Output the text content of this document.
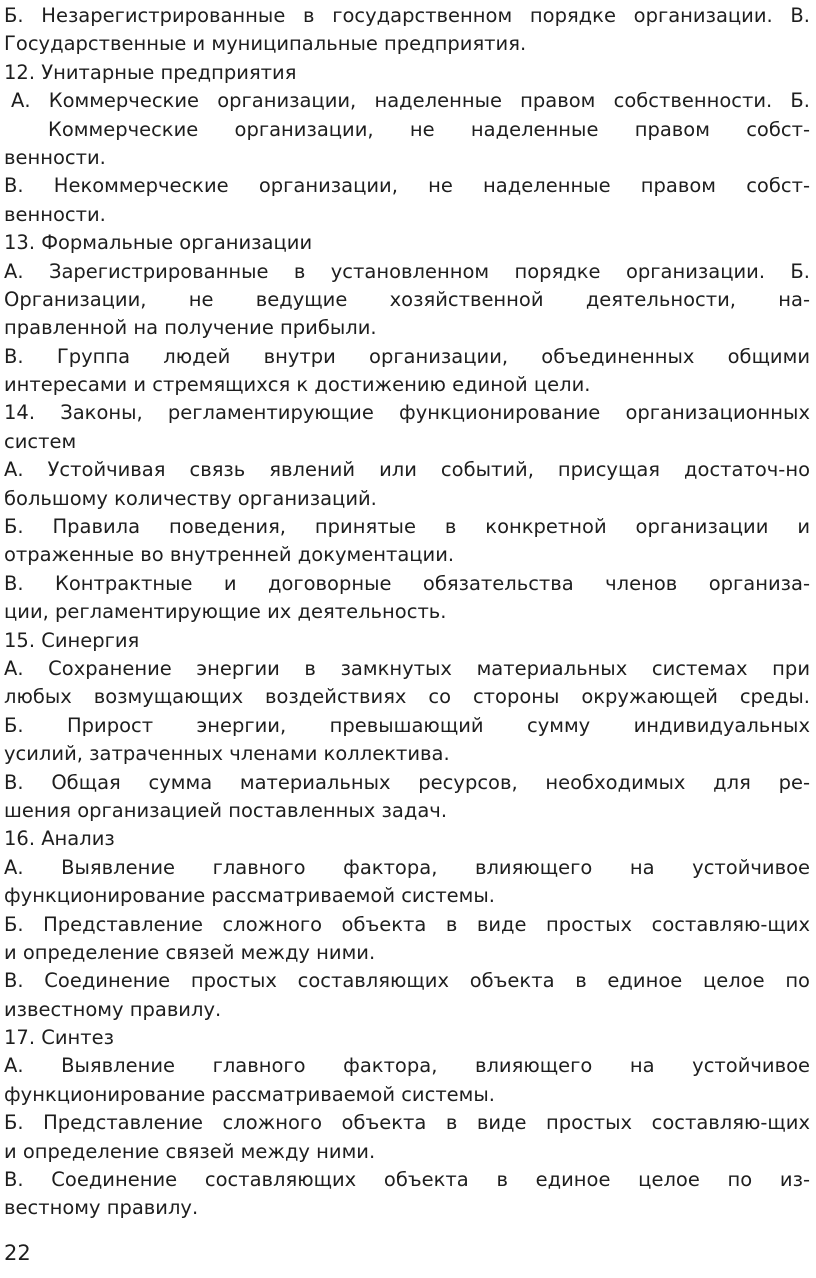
Б. Незарегистрированные в государственном порядке организации. В.
Государственные и муниципальные предприятия.
12. Унитарные предприятия
А. Коммерческие организации, наделенные правом собственности. Б.
Коммерческие организации, не наделенные правом собст-
венности.
В. Некоммерческие организации, не наделенные правом собст-
венности.
13. Формальные организации
А. Зарегистрированные в установленном порядке организации. Б.
Организации, не ведущие хозяйственной деятельности, на-
правленной на получение прибыли.
В. Группа людей внутри организации, объединенных общими
интересами и стремящихся к достижению единой цели.
14. Законы, регламентирующие функционирование организационных
систем
А. Устойчивая связь явлений или событий, присущая достаточ-но
большому количеству организаций.
Б. Правила поведения, принятые в конкретной организации и
отраженные во внутренней документации.
В. Контрактные и договорные обязательства членов организа-
ции, регламентирующие их деятельность.
15. Синергия
А. Сохранение энергии в замкнутых материальных системах при
любых возмущающих воздействиях со стороны окружающей среды.
Б. Прирост энергии, превышающий сумму индивидуальных
усилий, затраченных членами коллектива.
В. Общая сумма материальных ресурсов, необходимых для ре-
шения организацией поставленных задач.
16. Анализ
А. Выявление главного фактора, влияющего на устойчивое
функционирование рассматриваемой системы.
Б. Представление сложного объекта в виде простых составляю-щих
и определение связей между ними.
В. Соединение простых составляющих объекта в единое целое по
известному правилу.
17. Синтез
А. Выявление главного фактора, влияющего на устойчивое
функционирование рассматриваемой системы.
Б. Представление сложного объекта в виде простых составляю-щих
и определение связей между ними.
В. Соединение составляющих объекта в единое целое по из-
вестному правилу.
22
